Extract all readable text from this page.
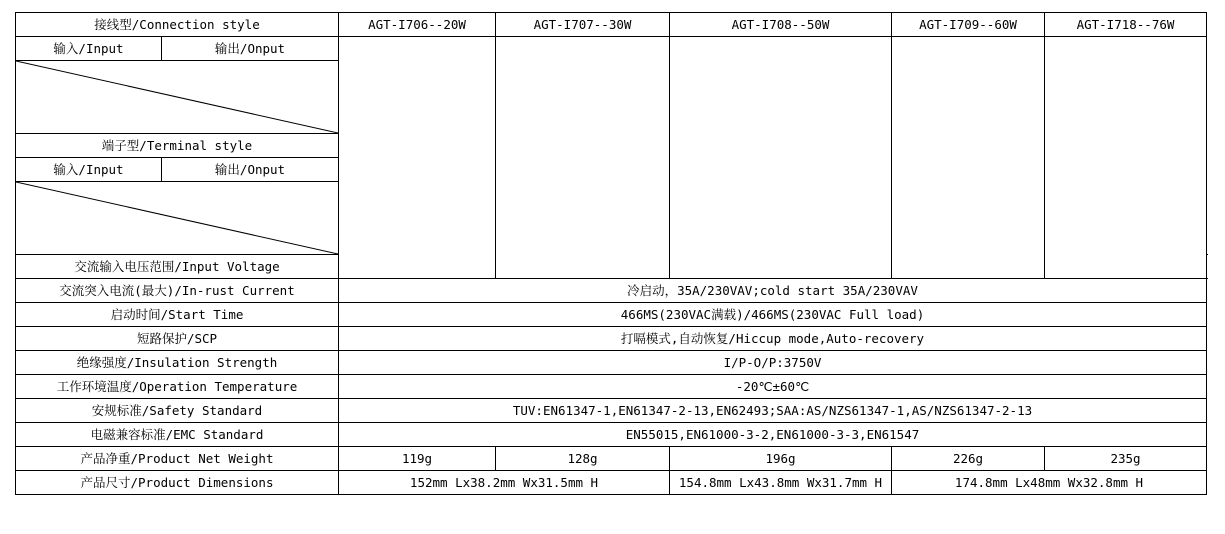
接线型/Connection style		AGT-I706--20W	AGT-I707--30W	AGT-I708--50W	AGT-I709--60W	AGT-I718--76W	
输入/Input	输出/Onput						

端子型/Terminal style							
输入/Input	输出/Onput						

交流输入电压范围/Input Voltage	
交流突入电流(最大)/In-rust Current		冷启动，35A/230VAV;cold start 35A/230VAV					
启动时间/Start Time		466MS(230VAC满载)/466MS(230VAC Full load)					
短路保护/SCP		打嗝模式,自动恢复/Hiccup mode,Auto-recovery					
绝缘强度/Insulation Strength		I/P-O/P:3750V					
工作环境温度/Operation Temperature		-20℃±60℃					
安规标准/Safety Standard		TUV:EN61347-1,EN61347-2-13,EN62493;SAA:AS/NZS61347-1,AS/NZS61347-2-13					
电磁兼容标准/EMC Standard		EN55015,EN61000-3-2,EN61000-3-3,EN61547					
产品净重/Product Net Weight		119g	128g	196g	226g	235g	
产品尺寸/Product Dimensions		152mm Lx38.2mm Wx31.5mm H		154.8mm Lx43.8mm Wx31.7mm H	174.8mm Lx48mm Wx32.8mm H		
